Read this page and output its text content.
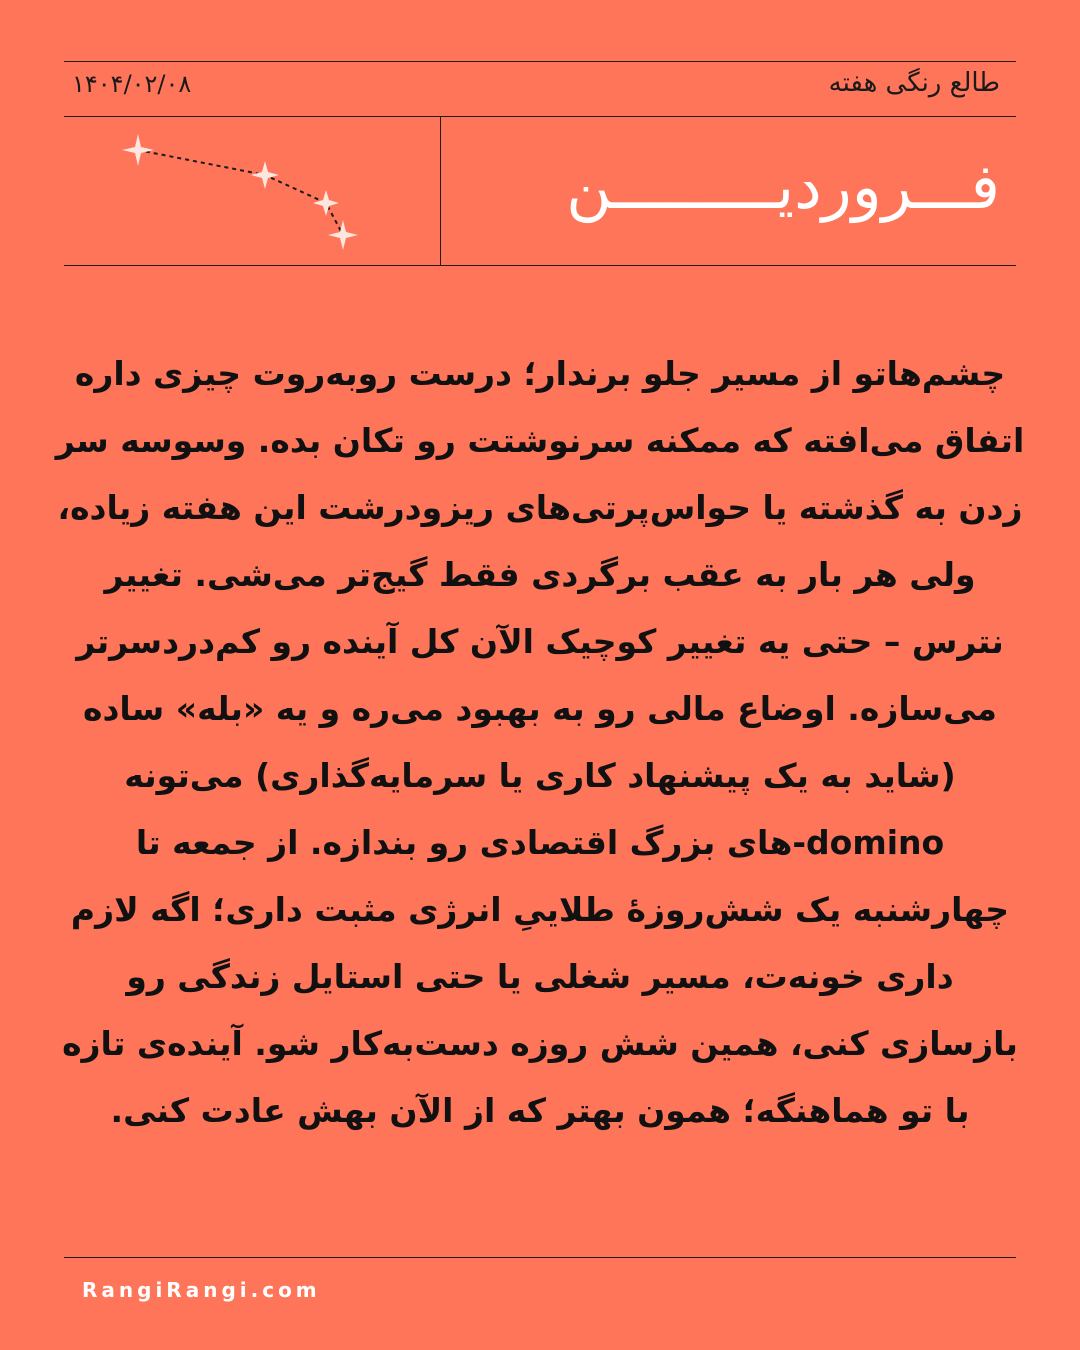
طالع رنگی هفته
۱۴۰۴/۰۲/۰۸
فـــروردیـــــــــن

چشم‌هاتو از مسیر جلو برندار؛ درست روبه‌روت چیزی داره اتفاق می‌افته که ممکنه سرنوشتت رو تکان بده. وسوسه سر زدن به گذشته یا حواس‌پرتی‌های ریزودرشت این هفته زیاده، ولی هر بار به عقب برگردی فقط گیج‌تر می‌شی. تغییر نترس – حتی یه تغییر کوچیک الآن کل آینده رو کم‌دردسرتر می‌سازه. اوضاع مالی رو به بهبود می‌ره و یه «بله» ساده (شاید به یک پیشنهاد کاری یا سرمایه‌گذاری) می‌تونه domino-های بزرگ اقتصادی رو بندازه. از جمعه تا چهارشنبه یک شش‌روزهٔ طلاییِ انرژی مثبت داری؛ اگه لازم داری خونه‌ت، مسیر شغلی یا حتی استایل زندگی رو بازسازی کنی، همین شش روزه دست‌به‌کار شو. آینده‌ی تازه با تو هماهنگه؛ همون بهتر که از الآن بهش عادت کنی.

RangiRangi.com
